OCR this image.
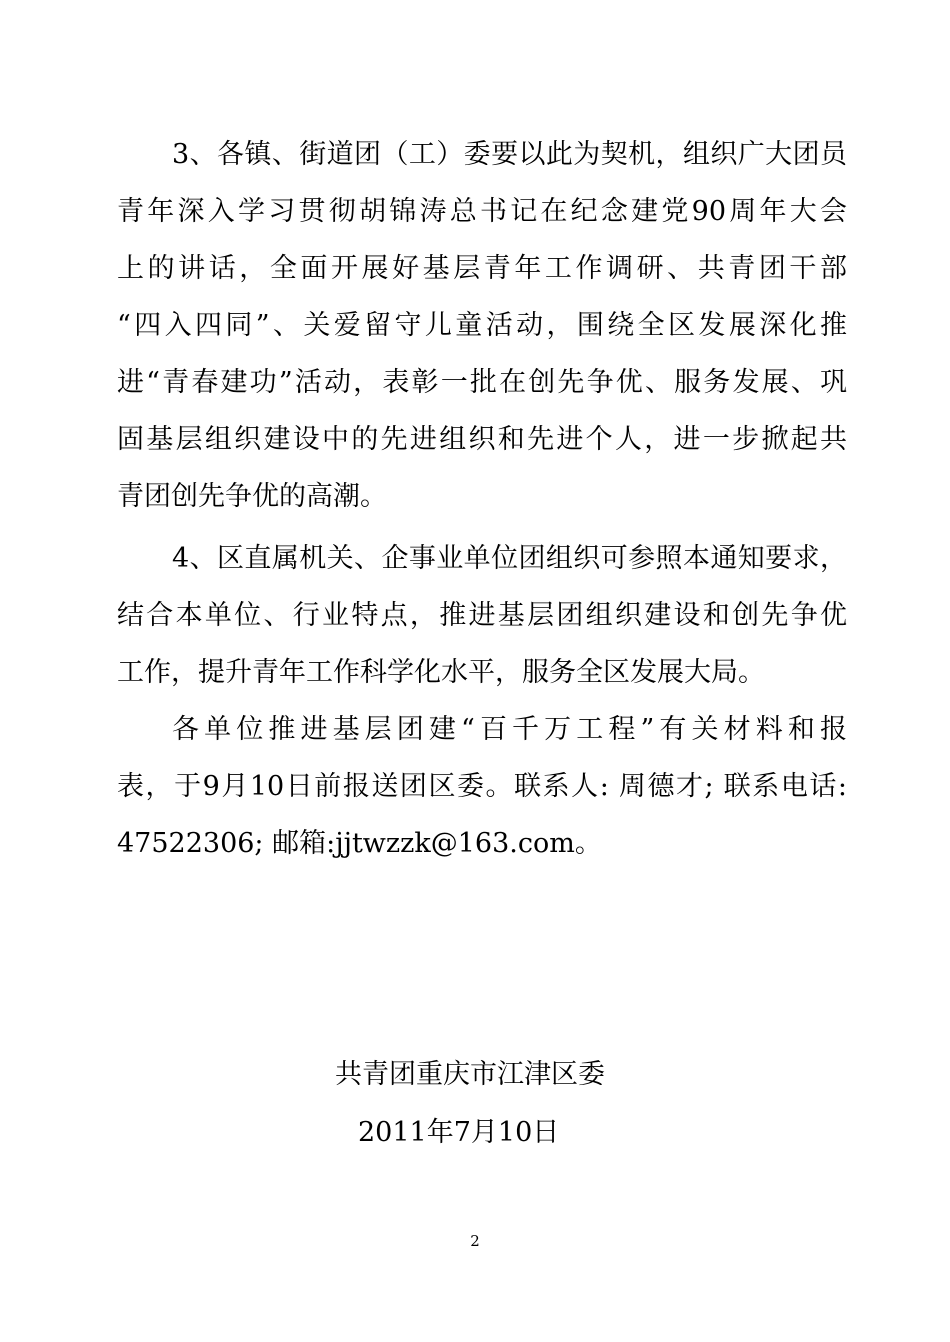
3、各镇、街道团（工）委要以此为契机，组织广大团员
青年深入学习贯彻胡锦涛总书记在纪念建党90周年大会
上的讲话，全面开展好基层青年工作调研、共青团干部
“四入四同”、关爱留守儿童活动，围绕全区发展深化推
进“青春建功”活动，表彰一批在创先争优、服务发展、巩
固基层组织建设中的先进组织和先进个人，进一步掀起共
青团创先争优的高潮。
4、区直属机关、企事业单位团组织可参照本通知要求，
结合本单位、行业特点，推进基层团组织建设和创先争优
工作，提升青年工作科学化水平，服务全区发展大局。
各单位推进基层团建“百千万工程”有关材料和报
表，于9月10日前报送团区委。联系人: 周德才; 联系电话:
47522306; 邮箱:jjtwzzk@163.com。
共青团重庆市江津区委
2011年7月10日
2
